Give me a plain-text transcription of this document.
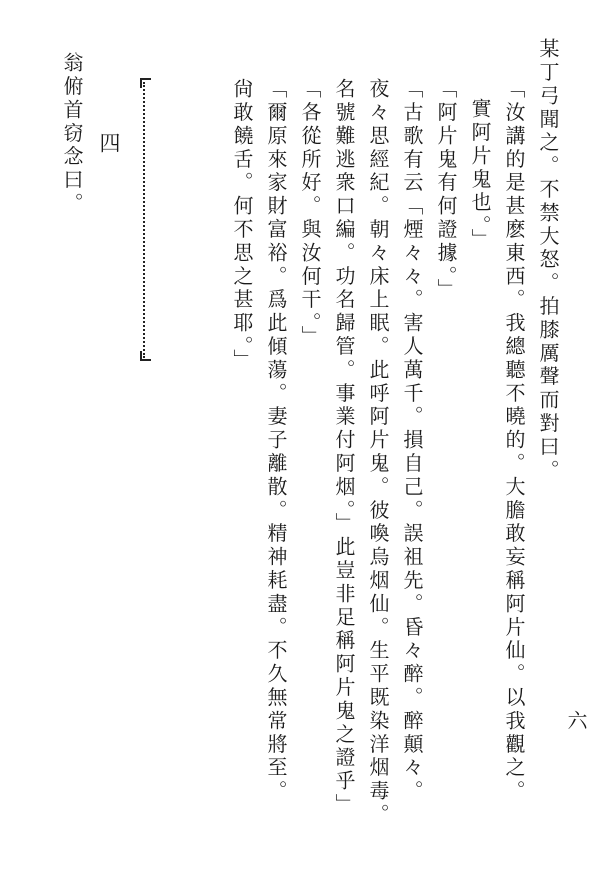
六
某丁弓聞之。不禁大怒。拍膝厲聲而對曰。
「汝講的是甚麽東西。我總聽不曉的。大膽敢妄稱阿片仙。以我觀之。
實阿片鬼也。」
「阿片鬼有何證據。」
「古歌有云「煙々々。害人萬千。損自己。誤祖先。昏々醉。醉顛々。
夜々思經紀。朝々床上眠。此呼阿片鬼。彼喚烏烟仙。生平既染洋烟毒。
名號難逃衆口編。功名歸管。事業付阿烟。」此豈非足稱阿片鬼之證乎」
「各從所好。與汝何干。」
「爾原來家財富裕。爲此傾蕩。妻子離散。精神耗盡。不久無常將至。
尙敢饒舌。何不思之甚耶。」
四
翁俯首窃念曰。
